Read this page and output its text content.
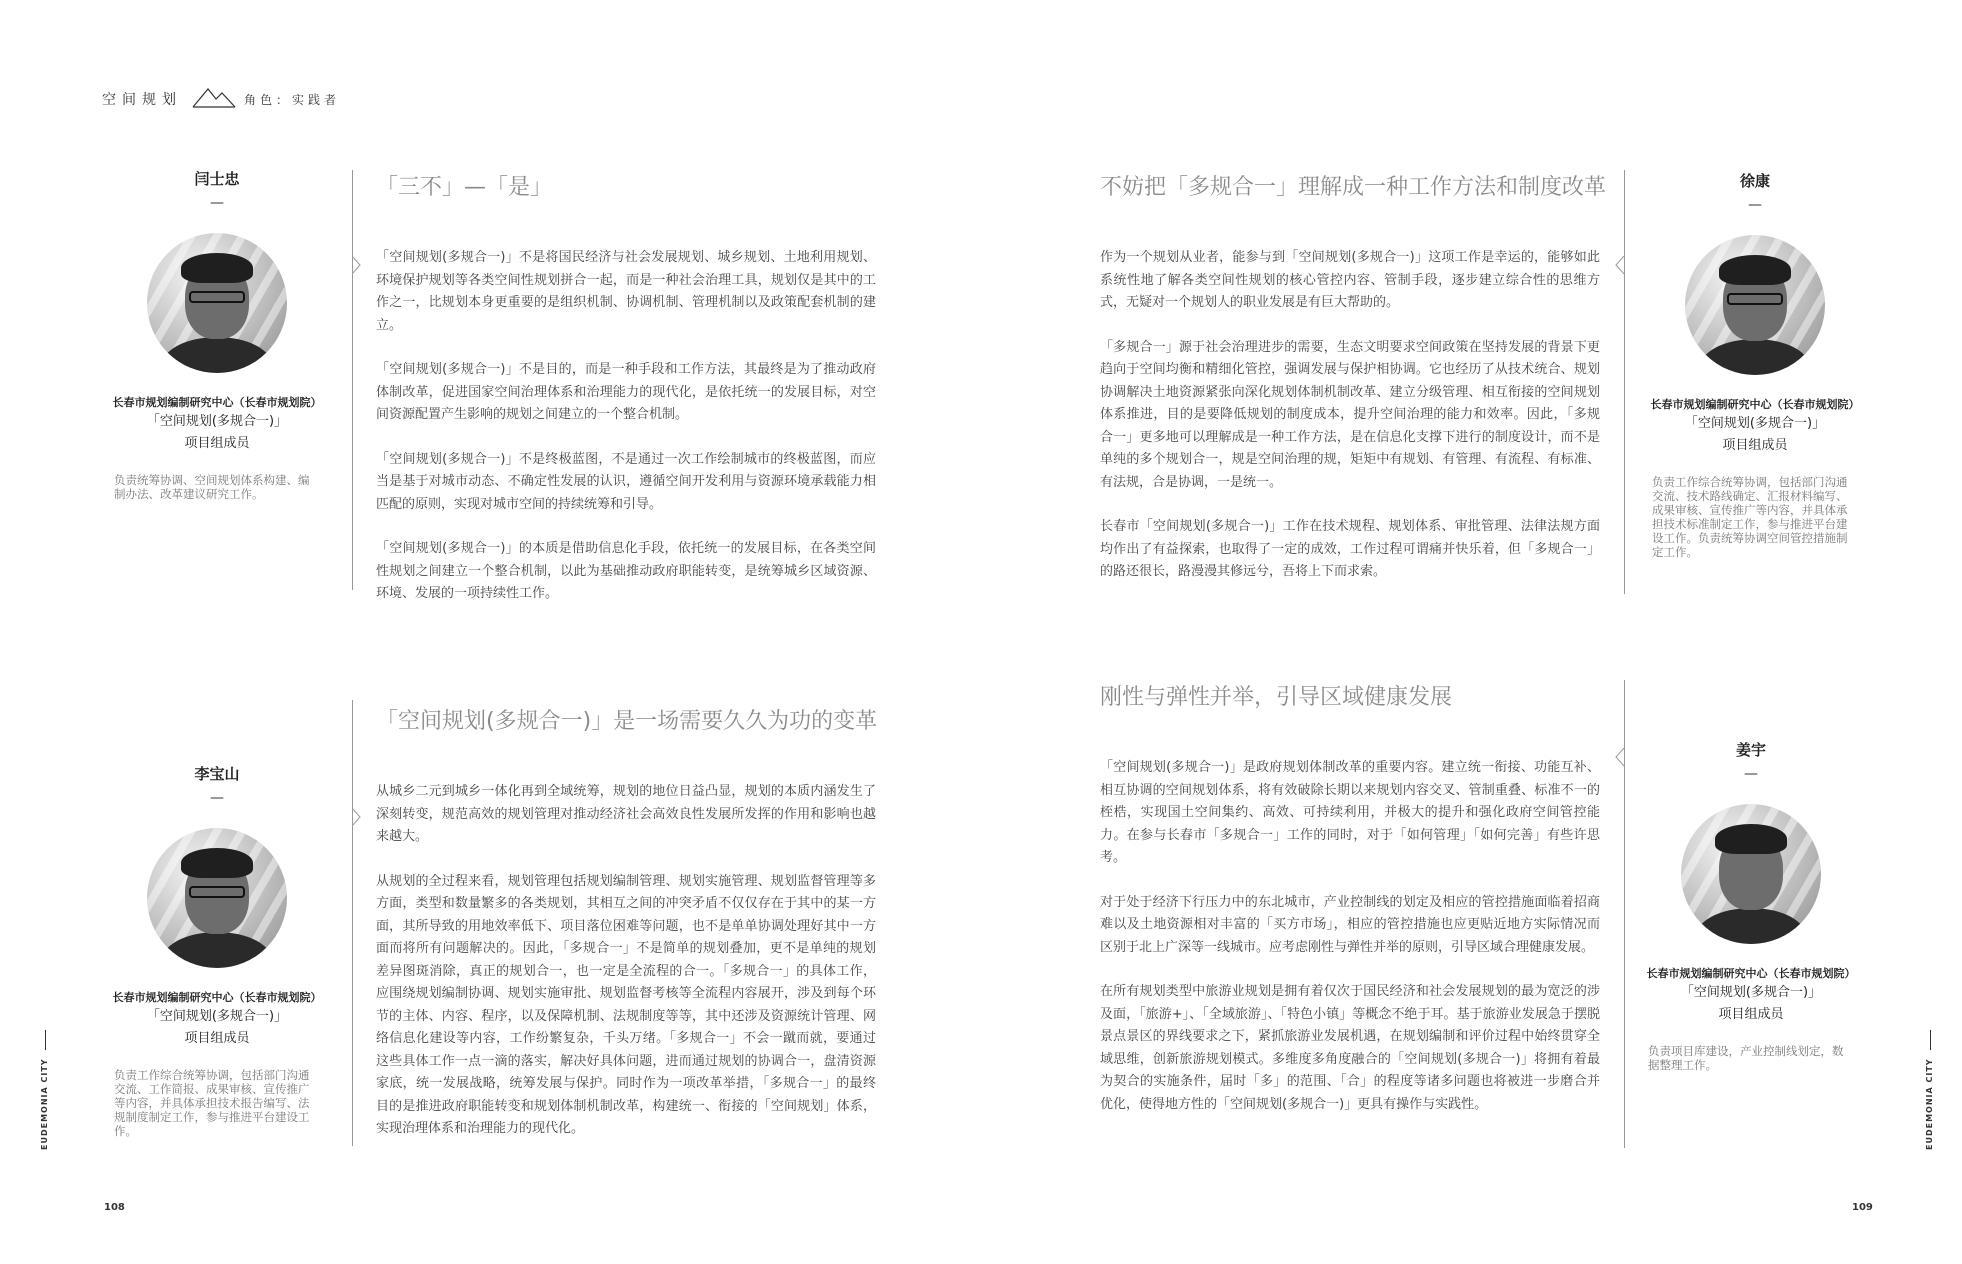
空间规划	角色：实践者
闫士忠
—
长春市规划编制研究中心（长春市规划院）
「空间规划(多规合一)」
项目组成员
负责统筹协调、空间规划体系构建、编制办法、改革建议研究工作。
李宝山
—
长春市规划编制研究中心（长春市规划院）
「空间规划(多规合一)」
项目组成员
负责工作综合统筹协调，包括部门沟通交流、工作简报、成果审核、宣传推广等内容，并具体承担技术报告编写、法规制度制定工作，参与推进平台建设工作。
徐康
—
长春市规划编制研究中心（长春市规划院）
「空间规划(多规合一)」
项目组成员
负责工作综合统筹协调，包括部门沟通交流、技术路线确定、汇报材料编写、成果审核、宣传推广等内容，并具体承担技术标准制定工作，参与推进平台建设工作。负责统筹协调空间管控措施制定工作。
姜宇
—
长春市规划编制研究中心（长春市规划院）
「空间规划(多规合一)」
项目组成员
负责项目库建设，产业控制线划定，数据整理工作。
「三不」—「是」

「空间规划(多规合一)」不是将国民经济与社会发展规划、城乡规划、土地利用规划、环境保护规划等各类空间性规划拼合一起，而是一种社会治理工具，规划仅是其中的工作之一，比规划本身更重要的是组织机制、协调机制、管理机制以及政策配套机制的建立。

「空间规划(多规合一)」不是目的，而是一种手段和工作方法，其最终是为了推动政府体制改革，促进国家空间治理体系和治理能力的现代化，是依托统一的发展目标，对空间资源配置产生影响的规划之间建立的一个整合机制。

「空间规划(多规合一)」不是终极蓝图，不是通过一次工作绘制城市的终极蓝图，而应当是基于对城市动态、不确定性发展的认识，遵循空间开发利用与资源环境承载能力相匹配的原则，实现对城市空间的持续统筹和引导。

「空间规划(多规合一)」的本质是借助信息化手段，依托统一的发展目标，在各类空间性规划之间建立一个整合机制，以此为基础推动政府职能转变，是统筹城乡区域资源、环境、发展的一项持续性工作。

「空间规划(多规合一)」是一场需要久久为功的变革

从城乡二元到城乡一体化再到全域统筹，规划的地位日益凸显，规划的本质内涵发生了深刻转变，规范高效的规划管理对推动经济社会高效良性发展所发挥的作用和影响也越来越大。

从规划的全过程来看，规划管理包括规划编制管理、规划实施管理、规划监督管理等多方面，类型和数量繁多的各类规划，其相互之间的冲突矛盾不仅仅存在于其中的某一方面，其所导致的用地效率低下、项目落位困难等问题，也不是单单协调处理好其中一方面而将所有问题解决的。因此，「多规合一」不是简单的规划叠加，更不是单纯的规划差异图斑消除，真正的规划合一，也一定是全流程的合一。「多规合一」的具体工作，应围绕规划编制协调、规划实施审批、规划监督考核等全流程内容展开，涉及到每个环节的主体、内容、程序，以及保障机制、法规制度等等，其中还涉及资源统计管理、网络信息化建设等内容，工作纷繁复杂，千头万绪。「多规合一」不会一蹴而就，要通过这些具体工作一点一滴的落实，解决好具体问题，进而通过规划的协调合一，盘清资源家底，统一发展战略，统筹发展与保护。同时作为一项改革举措，「多规合一」的最终目的是推进政府职能转变和规划体制机制改革，构建统一、衔接的「空间规划」体系，实现治理体系和治理能力的现代化。

不妨把「多规合一」理解成一种工作方法和制度改革

作为一个规划从业者，能参与到「空间规划(多规合一)」这项工作是幸运的，能够如此系统性地了解各类空间性规划的核心管控内容、管制手段，逐步建立综合性的思维方式，无疑对一个规划人的职业发展是有巨大帮助的。

「多规合一」源于社会治理进步的需要，生态文明要求空间政策在坚持发展的背景下更趋向于空间均衡和精细化管控，强调发展与保护相协调。它也经历了从技术统合、规划协调解决土地资源紧张向深化规划体制机制改革、建立分级管理、相互衔接的空间规划体系推进，目的是要降低规划的制度成本，提升空间治理的能力和效率。因此，「多规合一」更多地可以理解成是一种工作方法，是在信息化支撑下进行的制度设计，而不是单纯的多个规划合一，规是空间治理的规，矩矩中有规划、有管理、有流程、有标准、有法规，合是协调，一是统一。

长春市「空间规划(多规合一)」工作在技术规程、规划体系、审批管理、法律法规方面均作出了有益探索，也取得了一定的成效，工作过程可谓痛并快乐着，但「多规合一」的路还很长，路漫漫其修远兮，吾将上下而求索。

刚性与弹性并举，引导区域健康发展

「空间规划(多规合一)」是政府规划体制改革的重要内容。建立统一衔接、功能互补、相互协调的空间规划体系，将有效破除长期以来规划内容交叉、管制重叠、标准不一的桎梏，实现国土空间集约、高效、可持续利用，并极大的提升和强化政府空间管控能力。在参与长春市「多规合一」工作的同时，对于「如何管理」「如何完善」有些许思考。

对于处于经济下行压力中的东北城市，产业控制线的划定及相应的管控措施面临着招商难以及土地资源相对丰富的「买方市场」，相应的管控措施也应更贴近地方实际情况而区别于北上广深等一线城市。应考虑刚性与弹性并举的原则，引导区域合理健康发展。

在所有规划类型中旅游业规划是拥有着仅次于国民经济和社会发展规划的最为宽泛的涉及面，「旅游+」、「全域旅游」、「特色小镇」等概念不绝于耳。基于旅游业发展急于摆脱景点景区的界线要求之下，紧抓旅游业发展机遇，在规划编制和评价过程中始终贯穿全域思维，创新旅游规划模式。多维度多角度融合的「空间规划(多规合一)」将拥有着最为契合的实施条件，届时「多」的范围、「合」的程度等诸多问题也将被进一步磨合并优化，使得地方性的「空间规划(多规合一)」更具有操作与实践性。

EUDEMONIA CITY	EUDEMONIA CITY
108	109
